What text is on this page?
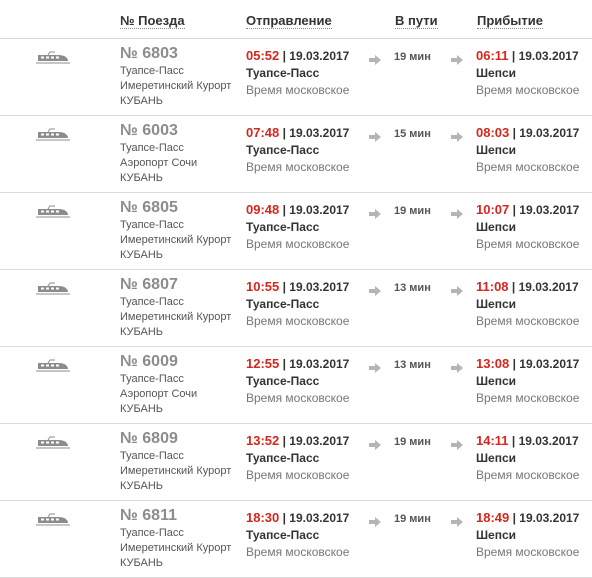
№ Поезда	Отправление	В пути	Прибытие
№ 6803
Туапсе-Пасс
Имеретинский Курорт
КУБАНЬ
05:52 | 19.03.2017
Туапсе-Пасс
Время московское
19 мин	06:11 | 19.03.2017
Шепси
Время московское
№ 6003
Туапсе-Пасс
Аэропорт Сочи
КУБАНЬ
07:48 | 19.03.2017
Туапсе-Пасс
Время московское
15 мин	08:03 | 19.03.2017
Шепси
Время московское
№ 6805
Туапсе-Пасс
Имеретинский Курорт
КУБАНЬ
09:48 | 19.03.2017
Туапсе-Пасс
Время московское
19 мин	10:07 | 19.03.2017
Шепси
Время московское
№ 6807
Туапсе-Пасс
Имеретинский Курорт
КУБАНЬ
10:55 | 19.03.2017
Туапсе-Пасс
Время московское
13 мин	11:08 | 19.03.2017
Шепси
Время московское
№ 6009
Туапсе-Пасс
Аэропорт Сочи
КУБАНЬ
12:55 | 19.03.2017
Туапсе-Пасс
Время московское
13 мин	13:08 | 19.03.2017
Шепси
Время московское
№ 6809
Туапсе-Пасс
Имеретинский Курорт
КУБАНЬ
13:52 | 19.03.2017
Туапсе-Пасс
Время московское
19 мин	14:11 | 19.03.2017
Шепси
Время московское
№ 6811
Туапсе-Пасс
Имеретинский Курорт
КУБАНЬ
18:30 | 19.03.2017
Туапсе-Пасс
Время московское
19 мин	18:49 | 19.03.2017
Шепси
Время московское
